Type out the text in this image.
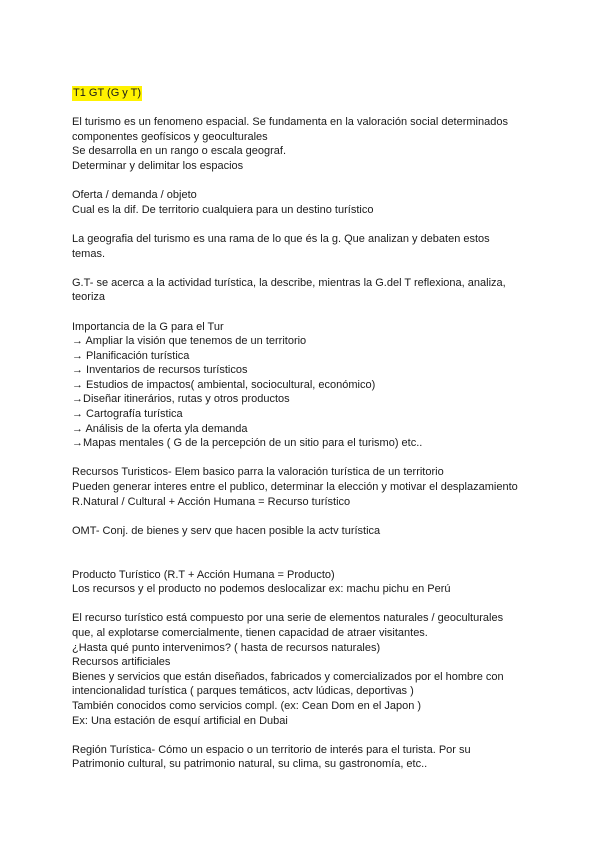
T1 GT (G y T)
El turismo es un fenomeno espacial. Se fundamenta en la valoración social determinados
componentes geofísicos y geoculturales
Se desarrolla en un rango o escala geograf.
Determinar y delimitar los espacios
Oferta / demanda / objeto
Cual es la dif. De territorio cualquiera para un destino turístico
La geografia del turismo es una rama de lo que és la g. Que analizan y debaten estos
temas.
G.T- se acerca a la actividad turística, la describe, mientras la G.del T reflexiona, analiza,
teoriza
Importancia de la G para el Tur
→ Ampliar la visión que tenemos de un territorio
→ Planificación turística
→ Inventarios de recursos turísticos
→ Estudios de impactos( ambiental, sociocultural, económico)
→Diseñar itinerários, rutas y otros productos
→ Cartografía turística
→ Análisis de la oferta yla demanda
→Mapas mentales ( G de la percepción de un sitio para el turismo) etc..
Recursos Turisticos- Elem basico parra la valoración turística de un territorio
Pueden generar interes entre el publico, determinar la elección y motivar el desplazamiento
R.Natural / Cultural + Acción Humana = Recurso turístico
OMT- Conj. de bienes y serv que hacen posible la actv turística
Producto Turístico (R.T + Acción Humana = Producto)
Los recursos y el producto no podemos deslocalizar ex: machu pichu en Perú
El recurso turístico está compuesto por una serie de elementos naturales / geoculturales
que, al explotarse comercialmente, tienen capacidad de atraer visitantes.
¿Hasta qué punto intervenimos? ( hasta de recursos naturales)
Recursos artificiales
Bienes y servicios que están diseñados, fabricados y comercializados por el hombre con
intencionalidad turística ( parques temáticos, actv lúdicas, deportivas )
También conocidos como servicios compl. (ex: Cean Dom en el Japon )
Ex: Una estación de esquí artificial en Dubai
Región Turística- Cómo un espacio o un territorio de interés para el turista. Por su
Patrimonio cultural, su patrimonio natural, su clima, su gastronomía, etc..
